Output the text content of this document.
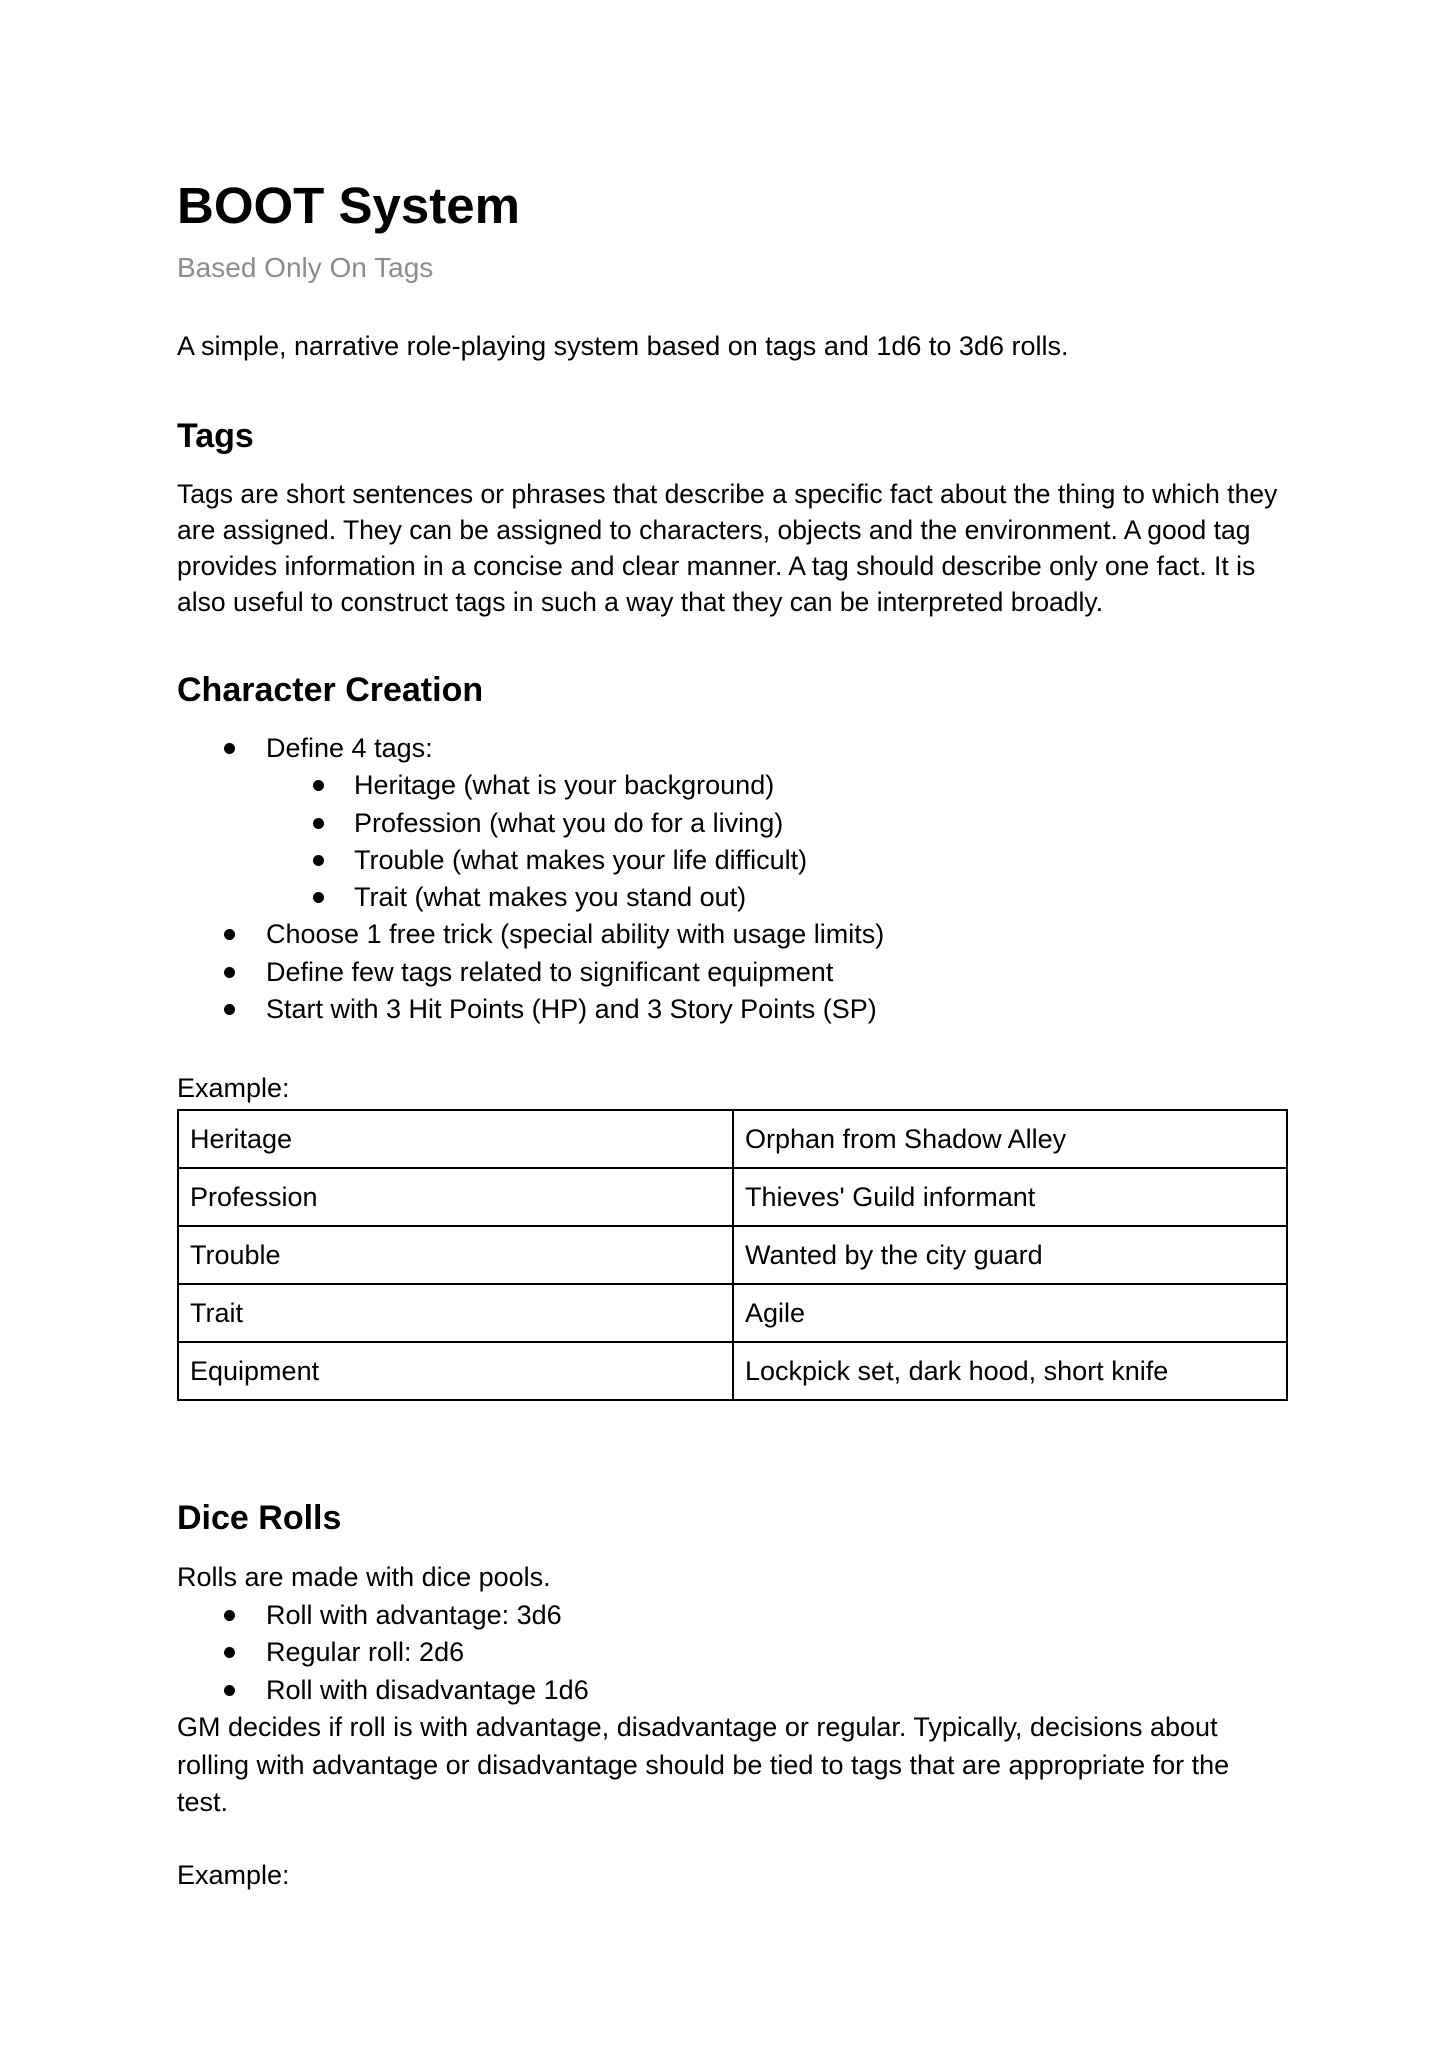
BOOT System

Based Only On Tags

A simple, narrative role-playing system based on tags and 1d6 to 3d6 rolls.

Tags

Tags are short sentences or phrases that describe a specific fact about the thing to which they are assigned. They can be assigned to characters, objects and the environment. A good tag provides information in a concise and clear manner. A tag should describe only one fact. It is also useful to construct tags in such a way that they can be interpreted broadly.

Character Creation
Define 4 tags:
Heritage (what is your background)
Profession (what you do for a living)
Trouble (what makes your life difficult)
Trait (what makes you stand out)
Choose 1 free trick (special ability with usage limits)
Define few tags related to significant equipment
Start with 3 Hit Points (HP) and 3 Story Points (SP)

Example:

Heritage	Orphan from Shadow Alley
Profession	Thieves' Guild informant
Trouble	Wanted by the city guard
Trait	Agile
Equipment	Lockpick set, dark hood, short knife
Dice Rolls

Rolls are made with dice pools.

Roll with advantage: 3d6
Regular roll: 2d6
Roll with disadvantage 1d6

GM decides if roll is with advantage, disadvantage or regular. Typically, decisions about rolling with advantage or disadvantage should be tied to tags that are appropriate for the test.

Example:
